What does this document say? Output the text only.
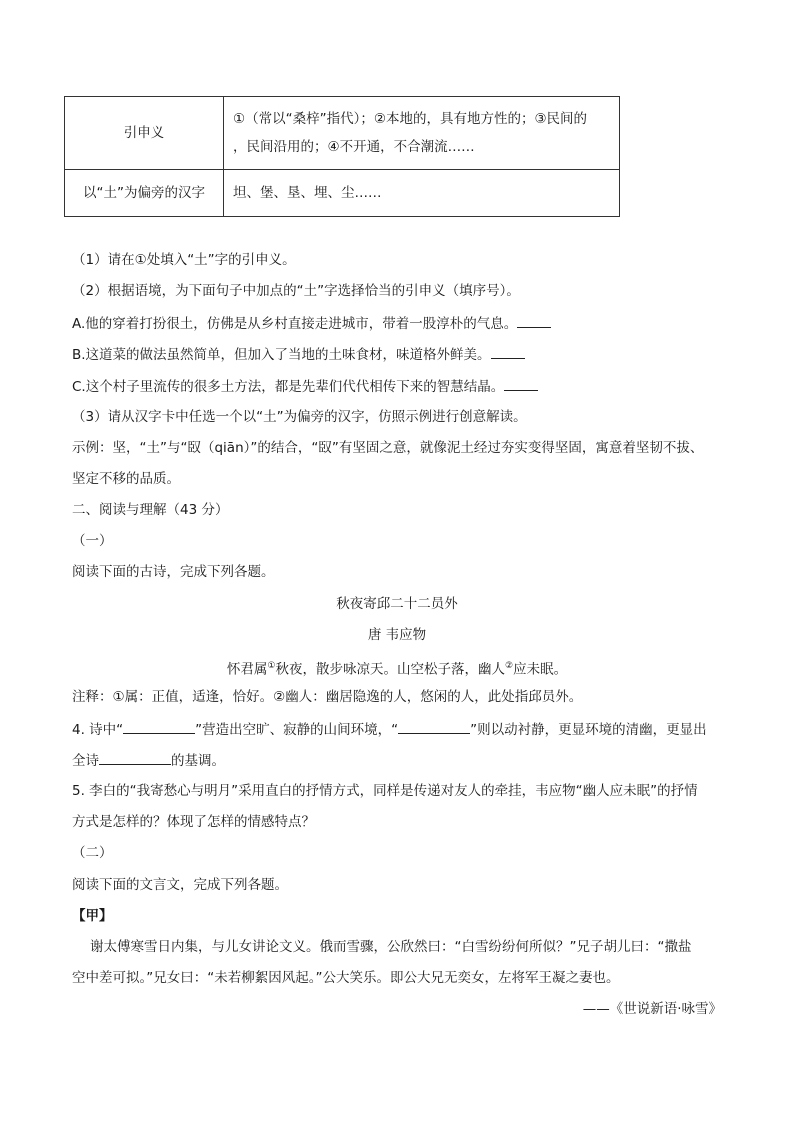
引申义	①（常以“桑梓”指代）；②本地的，具有地方性的；③民间的
，民间沿用的；④不开通，不合潮流……

以“土”为偏旁的汉字	坦、堡、垦、埋、尘……
（1）请在①处填入“土”字的引申义。
（2）根据语境，为下面句子中加点的“土”字选择恰当的引申义（填序号）。
A.他的穿着打扮很土，仿佛是从乡村直接走进城市，带着一股淳朴的气息。
B.这道菜的做法虽然简单，但加入了当地的土味食材，味道格外鲜美。
C.这个村子里流传的很多土方法，都是先辈们代代相传下来的智慧结晶。
（3）请从汉字卡中任选一个以“土”为偏旁的汉字，仿照示例进行创意解读。
示例：坚，“土”与“臤（qiān）”的结合，“臤”有坚固之意，就像泥土经过夯实变得坚固，寓意着坚韧不拔、
坚定不移的品质。
二、阅读与理解（43 分）
（一）
阅读下面的古诗，完成下列各题。
秋夜寄邱二十二员外
唐 韦应物
怀君属①秋夜，散步咏凉天。山空松子落，幽人②应未眠。
注释：①属：正值，适逢，恰好。②幽人：幽居隐逸的人，悠闲的人，此处指邱员外。
4. 诗中“	”营造出空旷、寂静的山间环境，“	”则以动衬静，更显环境的清幽，更显出
全诗	的基调。
5. 李白的“我寄愁心与明月”采用直白的抒情方式，同样是传递对友人的牵挂，韦应物“幽人应未眠”的抒情
方式是怎样的？体现了怎样的情感特点？
（二）
阅读下面的文言文，完成下列各题。
【甲】
谢太傅寒雪日内集，与儿女讲论文义。俄而雪骤，公欣然曰：“白雪纷纷何所似？”兄子胡儿曰：“撒盐
空中差可拟。”兄女曰：“未若柳絮因风起。”公大笑乐。即公大兄无奕女，左将军王凝之妻也。
——《世说新语·咏雪》
